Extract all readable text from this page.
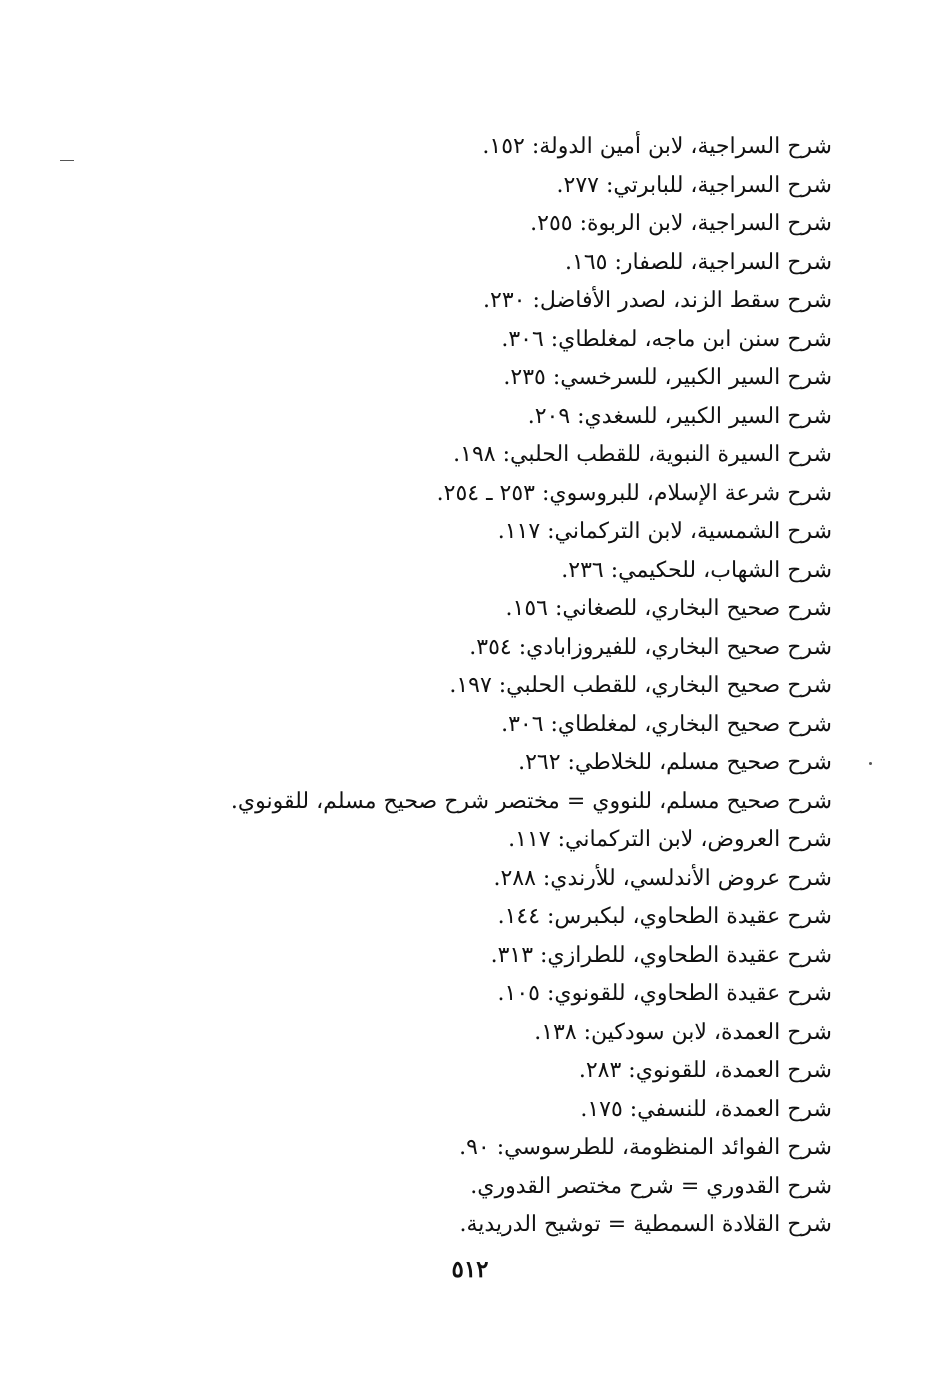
شرح السراجية، لابن أمين الدولة: ١٥٢.
شرح السراجية، للبابرتي: ٢٧٧.
شرح السراجية، لابن الربوة: ٢٥٥.
شرح السراجية، للصفار: ١٦٥.
شرح سقط الزند، لصدر الأفاضل: ٢٣٠.
شرح سنن ابن ماجه، لمغلطاي: ٣٠٦.
شرح السير الكبير، للسرخسي: ٢٣٥.
شرح السير الكبير، للسغدي: ٢٠٩.
شرح السيرة النبوية، للقطب الحلبي: ١٩٨.
شرح شرعة الإسلام، للبروسوي: ٢٥٣ ـ ٢٥٤.
شرح الشمسية، لابن التركماني: ١١٧.
شرح الشهاب، للحكيمي: ٢٣٦.
شرح صحيح البخاري، للصغاني: ١٥٦.
شرح صحيح البخاري، للفيروزابادي: ٣٥٤.
شرح صحيح البخاري، للقطب الحلبي: ١٩٧.
شرح صحيح البخاري، لمغلطاي: ٣٠٦.
شرح صحيح مسلم، للخلاطي: ٢٦٢.
شرح صحيح مسلم، للنووي = مختصر شرح صحيح مسلم، للقونوي.
شرح العروض، لابن التركماني: ١١٧.
شرح عروض الأندلسي، للأرندي: ٢٨٨.
شرح عقيدة الطحاوي، لبكبرس: ١٤٤.
شرح عقيدة الطحاوي، للطرازي: ٣١٣.
شرح عقيدة الطحاوي، للقونوي: ١٠٥.
شرح العمدة، لابن سودكين: ١٣٨.
شرح العمدة، للقونوي: ٢٨٣.
شرح العمدة، للنسفي: ١٧٥.
شرح الفوائد المنظومة، للطرسوسي: ٩٠.
شرح القدوري = شرح مختصر القدوري.
شرح القلادة السمطية = توشيح الدريدية.
٥١٢
